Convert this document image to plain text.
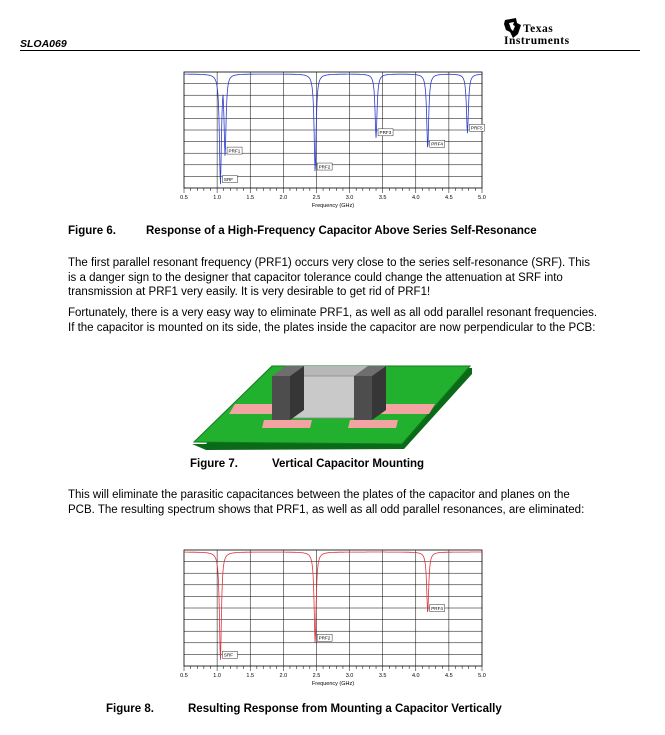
SLOA069
Texas
Instruments
0.5	1.0	1.5	2.0	2.5	3.0	3.5	4.0	4.5	5.0
Frequency (GHz)
SRF
PRF1
PRF2
PRF3
PRF4
PRF5
Figure 6.	Response of a High-Frequency Capacitor Above Series Self-Resonance

The first parallel resonant frequency (PRF1) occurs very close to the series self-resonance (SRF). This is a danger sign to the designer that capacitor tolerance could change the attenuation at SRF into transmission at PRF1 very easily. It is very desirable to get rid of PRF1!

Fortunately, there is a very easy way to eliminate PRF1, as well as all odd parallel resonant frequencies. If the capacitor is mounted on its side, the plates inside the capacitor are now perpendicular to the PCB:

Figure 7.	Vertical Capacitor Mounting

This will eliminate the parasitic capacitances between the plates of the capacitor and planes on the PCB. The resulting spectrum shows that PRF1, as well as all odd parallel resonances, are eliminated:

0.5	1.0	1.5	2.0	2.5	3.0	3.5	4.0	4.5	5.0
Frequency (GHz)
SRF
PRF2
PRF4
Figure 8.	Resulting Response from Mounting a Capacitor Vertically
